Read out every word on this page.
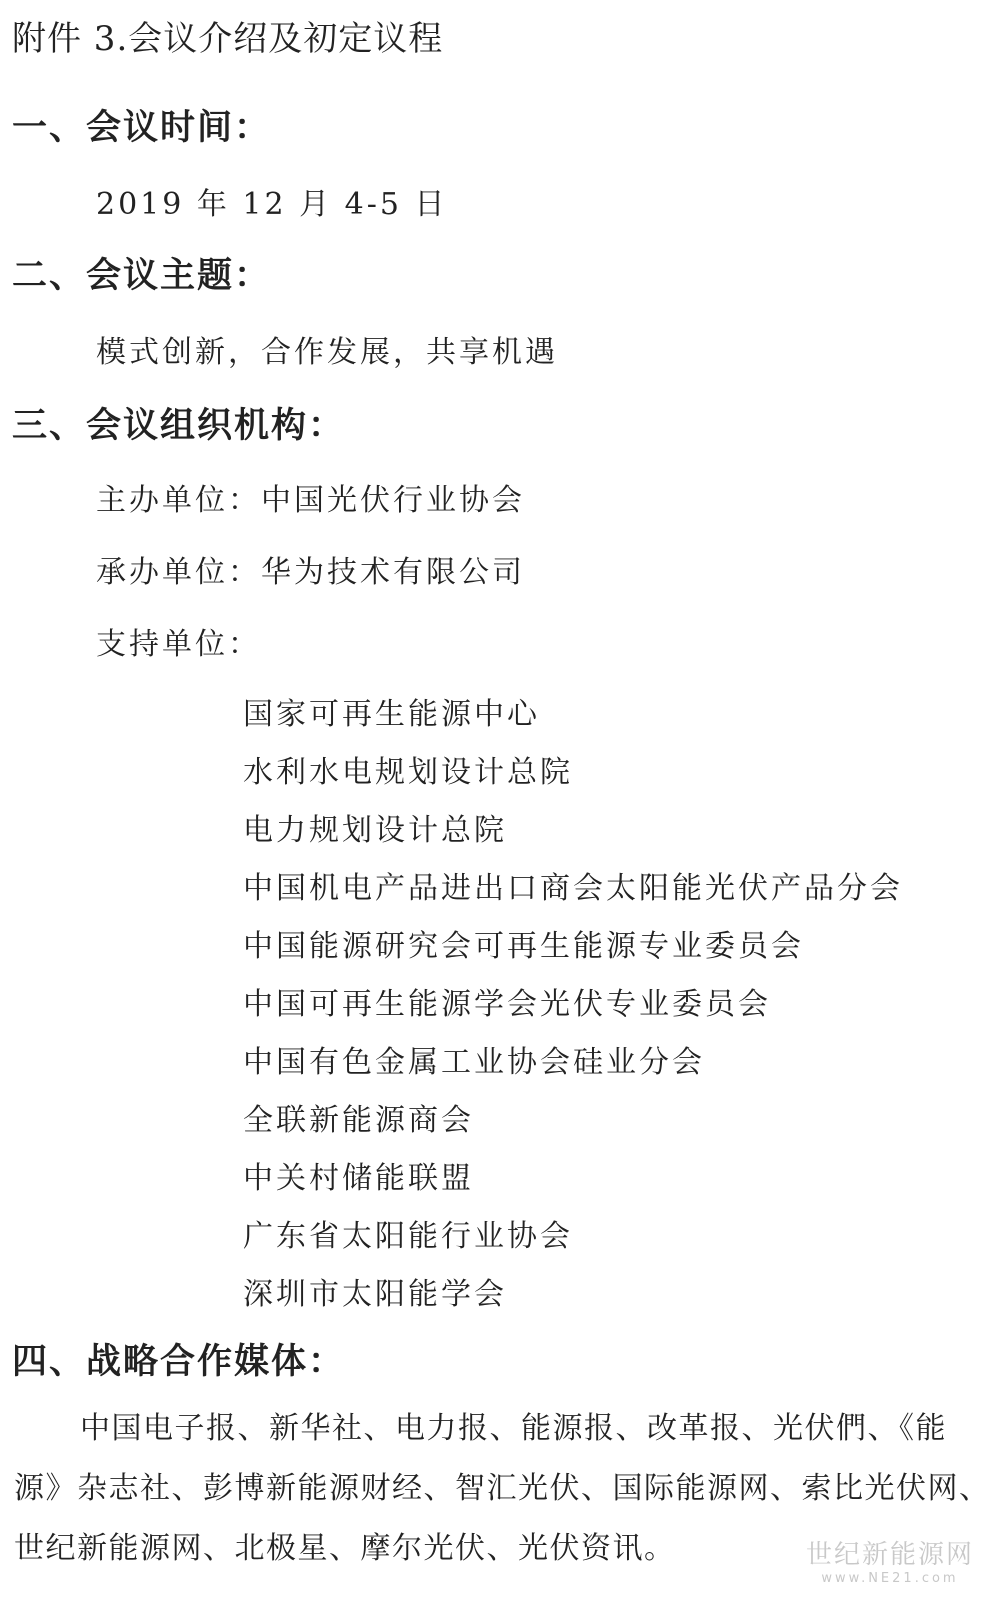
附件 3.会议介绍及初定议程
一、会议时间：
2019 年 12 月 4-5 日
二、会议主题：
模式创新，合作发展，共享机遇
三、会议组织机构：
主办单位：中国光伏行业协会
承办单位：华为技术有限公司
支持单位：
国家可再生能源中心
水利水电规划设计总院
电力规划设计总院
中国机电产品进出口商会太阳能光伏产品分会
中国能源研究会可再生能源专业委员会
中国可再生能源学会光伏专业委员会
中国有色金属工业协会硅业分会
全联新能源商会
中关村储能联盟
广东省太阳能行业协会
深圳市太阳能学会
四、战略合作媒体：
中国电子报、新华社、电力报、能源报、改革报、光伏們、《能
源》杂志社、彭博新能源财经、智汇光伏、国际能源网、索比光伏网、
世纪新能源网、北极星、摩尔光伏、光伏资讯。	世纪新能源网
www.NE21.com
